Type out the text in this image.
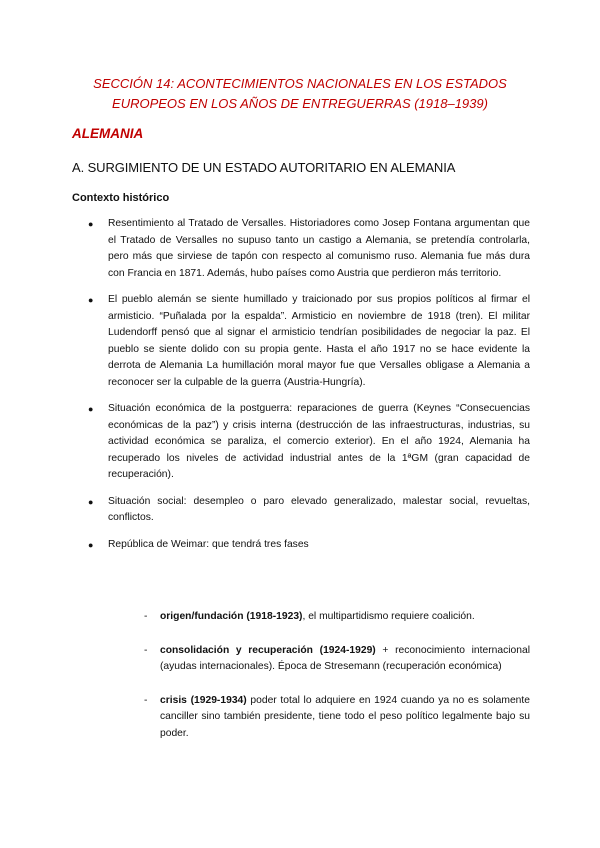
SECCIÓN 14: ACONTECIMIENTOS NACIONALES EN LOS ESTADOS
EUROPEOS EN LOS AÑOS DE ENTREGUERRAS (1918–1939)
ALEMANIA
A. SURGIMIENTO DE UN ESTADO AUTORITARIO EN ALEMANIA
Contexto histórico
● Resentimiento al Tratado de Versalles. Historiadores como Josep Fontana argumentan que el Tratado de Versalles no supuso tanto un castigo a Alemania, se pretendía controlarla, pero más que sirviese de tapón con respecto al comunismo ruso. Alemania fue más dura con Francia en 1871. Además, hubo países como Austria que perdieron más territorio.
● El pueblo alemán se siente humillado y traicionado por sus propios políticos al firmar el armisticio. “Puñalada por la espalda”. Armisticio en noviembre de 1918 (tren). El militar Ludendorff pensó que al signar el armisticio tendrían posibilidades de negociar la paz. El pueblo se siente dolido con su propia gente. Hasta el año 1917 no se hace evidente la derrota de Alemania La humillación moral mayor fue que Versalles obligase a Alemania a reconocer ser la culpable de la guerra (Austria-Hungría).
● Situación económica de la postguerra: reparaciones de guerra (Keynes “Consecuencias económicas de la paz”) y crisis interna (destrucción de las infraestructuras, industrias, su actividad económica se paraliza, el comercio exterior). En el año 1924, Alemania ha recuperado los niveles de actividad industrial antes de la 1ªGM (gran capacidad de recuperación).
● Situación social: desempleo o paro elevado generalizado, malestar social, revueltas, conflictos.
● República de Weimar: que tendrá tres fases
- origen/fundación (1918-1923), el multipartidismo requiere coalición.
- consolidación y recuperación (1924-1929) + reconocimiento internacional (ayudas internacionales). Época de Stresemann (recuperación económica)
- crisis (1929-1934) poder total lo adquiere en 1924 cuando ya no es solamente canciller sino también presidente, tiene todo el peso político legalmente bajo su poder.
